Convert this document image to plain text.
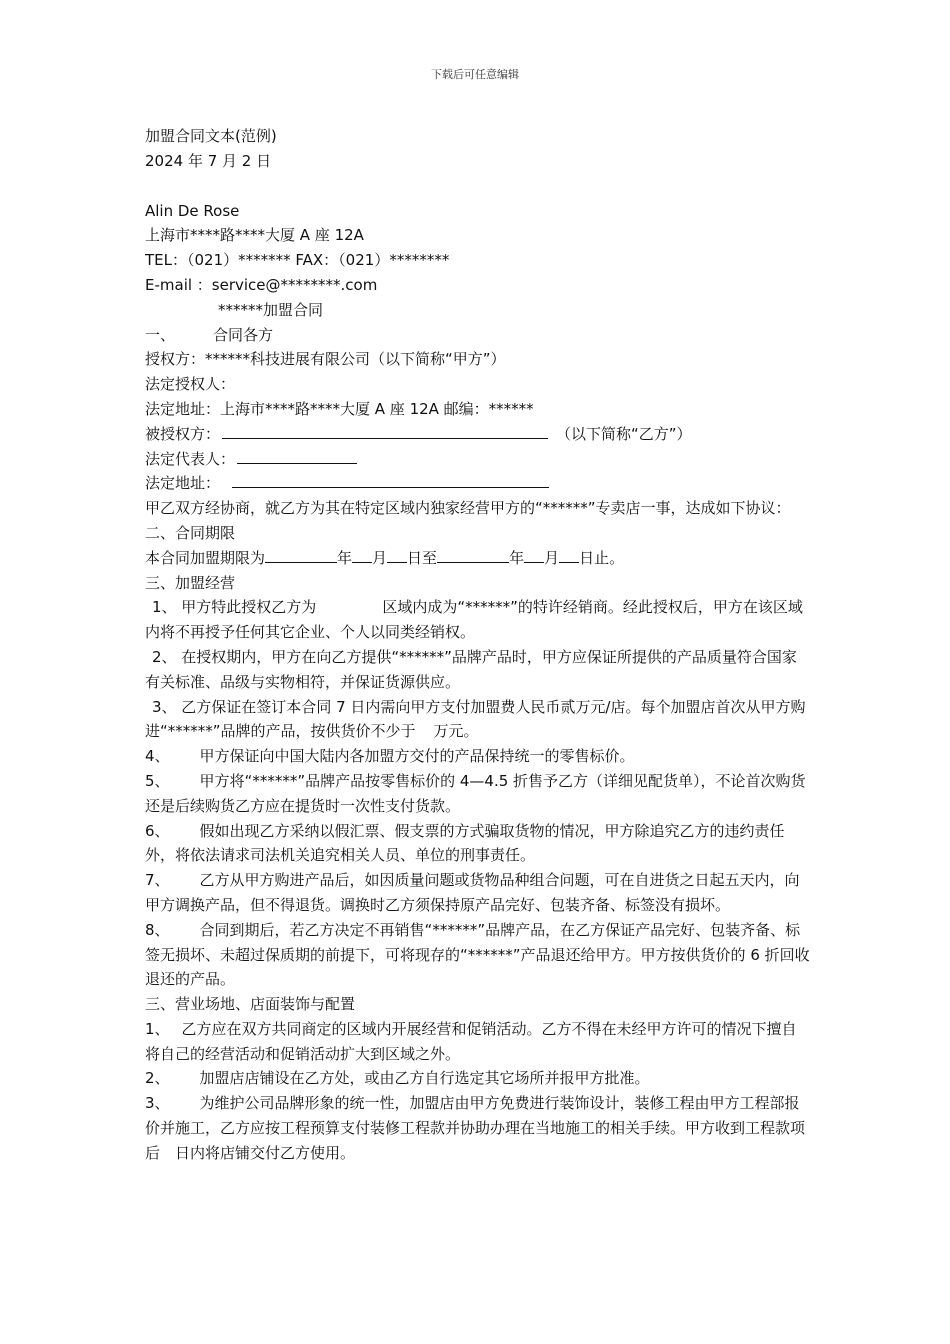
下载后可任意编辑
加盟合同文本(范例)
2024 年 7 月 2 日
Alin De Rose
上海市****路****大厦 A 座 12A
TEL：（021）******* FAX：（021）********
E-mail ：service@********.com
******加盟合同
一、	合同各方
授权方：******科技进展有限公司（以下简称“甲方”）
法定授权人：
法定地址：上海市****路****大厦 A 座 12A 邮编：******
被授权方：	（以下简称“乙方”）
法定代表人：
法定地址：
甲乙双方经协商，就乙方为其在特定区域内独家经营甲方的“******”专卖店一事，达成如下协议：
二、合同期限
本合同加盟期限为	年 月 日至	年 月 日止。
三、加盟经营
1、 甲方特此授权乙方为	区域内成为“******”的特许经销商。经此授权后，甲方在该区域内将不再授予任何其它企业、个人以同类经销权。
2、 在授权期内，甲方在向乙方提供“******”品牌产品时，甲方应保证所提供的产品质量符合国家有关标准、品级与实物相符，并保证货源供应。
3、 乙方保证在签订本合同 7 日内需向甲方支付加盟费人民币贰万元/店。每个加盟店首次从甲方购进“******”品牌的产品，按供货价不少于 万元。
4、 甲方保证向中国大陆内各加盟方交付的产品保持统一的零售标价。
5、 甲方将“******”品牌产品按零售标价的 4—4.5 折售予乙方（详细见配货单），不论首次购货还是后续购货乙方应在提货时一次性支付货款。
6、 假如出现乙方采纳以假汇票、假支票的方式骗取货物的情况，甲方除追究乙方的违约责任外，将依法请求司法机关追究相关人员、单位的刑事责任。
7、 乙方从甲方购进产品后，如因质量问题或货物品种组合问题，可在自进货之日起五天内，向甲方调换产品，但不得退货。调换时乙方须保持原产品完好、包装齐备、标签没有损坏。
8、 合同到期后，若乙方决定不再销售“******”品牌产品，在乙方保证产品完好、包装齐备、标签无损坏、未超过保质期的前提下，可将现存的“******”产品退还给甲方。甲方按供货价的 6 折回收退还的产品。
三、营业场地、店面装饰与配置
1、 乙方应在双方共同商定的区域内开展经营和促销活动。乙方不得在未经甲方许可的情况下擅自将自己的经营活动和促销活动扩大到区域之外。
2、 加盟店店铺设在乙方处，或由乙方自行选定其它场所并报甲方批准。
3、 为维护公司品牌形象的统一性，加盟店由甲方免费进行装饰设计，装修工程由甲方工程部报价并施工，乙方应按工程预算支付装修工程款并协助办理在当地施工的相关手续。甲方收到工程款项后 日内将店铺交付乙方使用。
